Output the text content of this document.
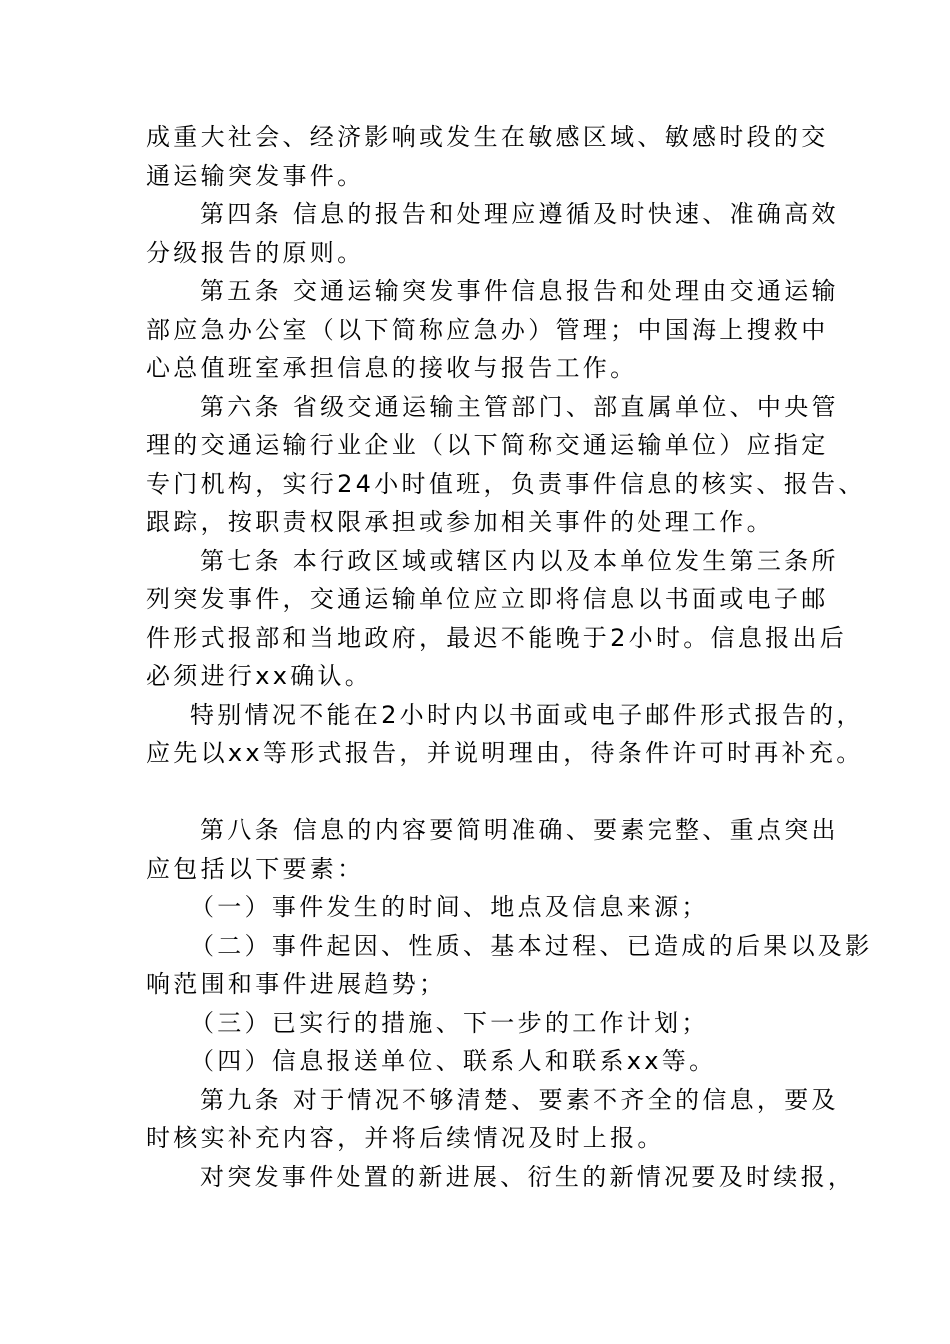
成重大社会、经济影响或发生在敏感区域、敏感时段的交
通运输突发事件。
第四条 信息的报告和处理应遵循及时快速、准确高效
分级报告的原则。
第五条 交通运输突发事件信息报告和处理由交通运输
部应急办公室（以下简称应急办）管理；中国海上搜救中
心总值班室承担信息的接收与报告工作。
第六条 省级交通运输主管部门、部直属单位、中央管
理的交通运输行业企业（以下简称交通运输单位）应指定
专门机构，实行24小时值班，负责事件信息的核实、报告、
跟踪，按职责权限承担或参加相关事件的处理工作。
第七条 本行政区域或辖区内以及本单位发生第三条所
列突发事件，交通运输单位应立即将信息以书面或电子邮
件形式报部和当地政府，最迟不能晚于2小时。信息报出后
必须进行xx确认。
特别情况不能在2小时内以书面或电子邮件形式报告的，
应先以xx等形式报告，并说明理由，待条件许可时再补充。
第八条 信息的内容要简明准确、要素完整、重点突出
应包括以下要素：
（一）事件发生的时间、地点及信息来源；
（二）事件起因、性质、基本过程、已造成的后果以及影
响范围和事件进展趋势；
（三）已实行的措施、下一步的工作计划；
（四）信息报送单位、联系人和联系xx等。
第九条 对于情况不够清楚、要素不齐全的信息，要及
时核实补充内容，并将后续情况及时上报。
对突发事件处置的新进展、衍生的新情况要及时续报，
